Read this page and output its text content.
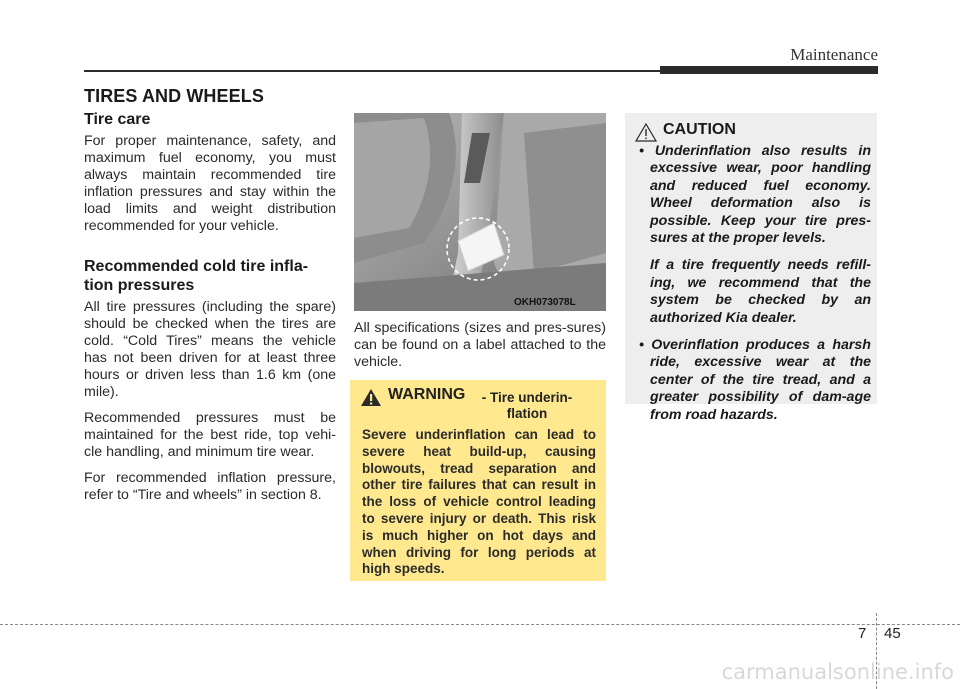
Maintenance
TIRES AND WHEELS
Tire care

For proper maintenance, safety, and maximum fuel economy, you must always maintain recommended tire inflation pressures and stay within the load limits and weight distribution recommended for your vehicle.

Recommended cold tire infla-tion pressures

All tire pressures (including the spare) should be checked when the tires are cold. “Cold Tires” means the vehicle has not been driven for at least three hours or driven less than 1.6 km (one mile).

Recommended pressures must be maintained for the best ride, top vehi-cle handling, and minimum tire wear.

For recommended inflation pressure, refer to “Tire and wheels” in section 8.

OKH073078L

All specifications (sizes and pres-sures) can be found on a label attached to the vehicle.

WARNING	- Tire underin-flation

Severe underinflation can lead to severe heat build-up, causing blowouts, tread separation and other tire failures that can result in the loss of vehicle control leading to severe injury or death. This risk is much higher on hot days and when driving for long periods at high speeds.

CAUTION
• Underinflation also results in excessive wear, poor handling and reduced fuel economy. Wheel deformation also is possible. Keep your tire pres-sures at the proper levels.
If a tire frequently needs refill-ing, we recommend that the system be checked by an authorized Kia dealer.
• Overinflation produces a harsh ride, excessive wear at the center of the tire tread, and a greater possibility of dam-age from road hazards.
7 45
carmanualsonline.info
